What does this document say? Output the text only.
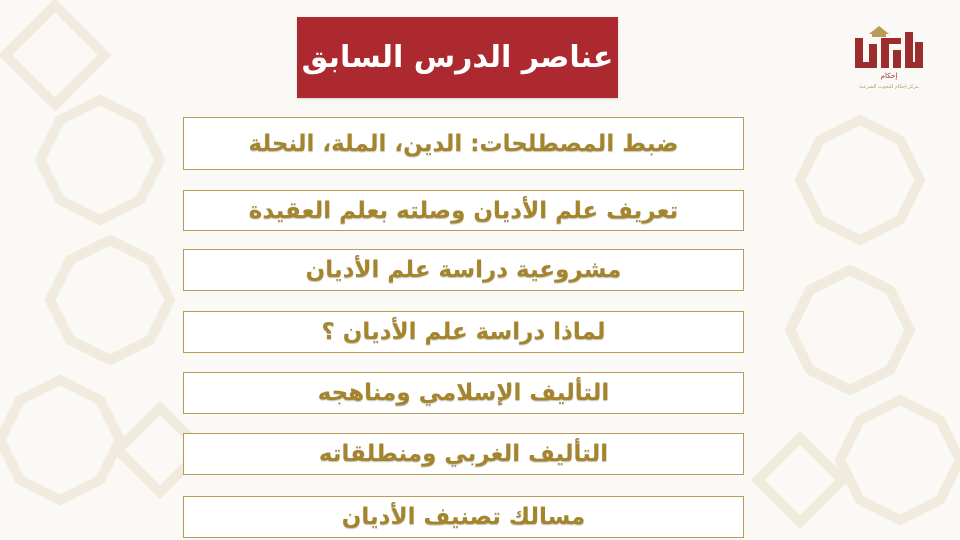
عناصر الدرس السابق
ضبط المصطلحات: الدين، الملة، النحلة
تعريف علم الأديان وصلته بعلم العقيدة
مشروعية دراسة علم الأديان
لماذا دراسة علم الأديان ؟
التأليف الإسلامي ومناهجه
التأليف الغربي ومنطلقاته
مسالك تصنيف الأديان
إحكام
مركز إحكام للبحوث الشرعية
